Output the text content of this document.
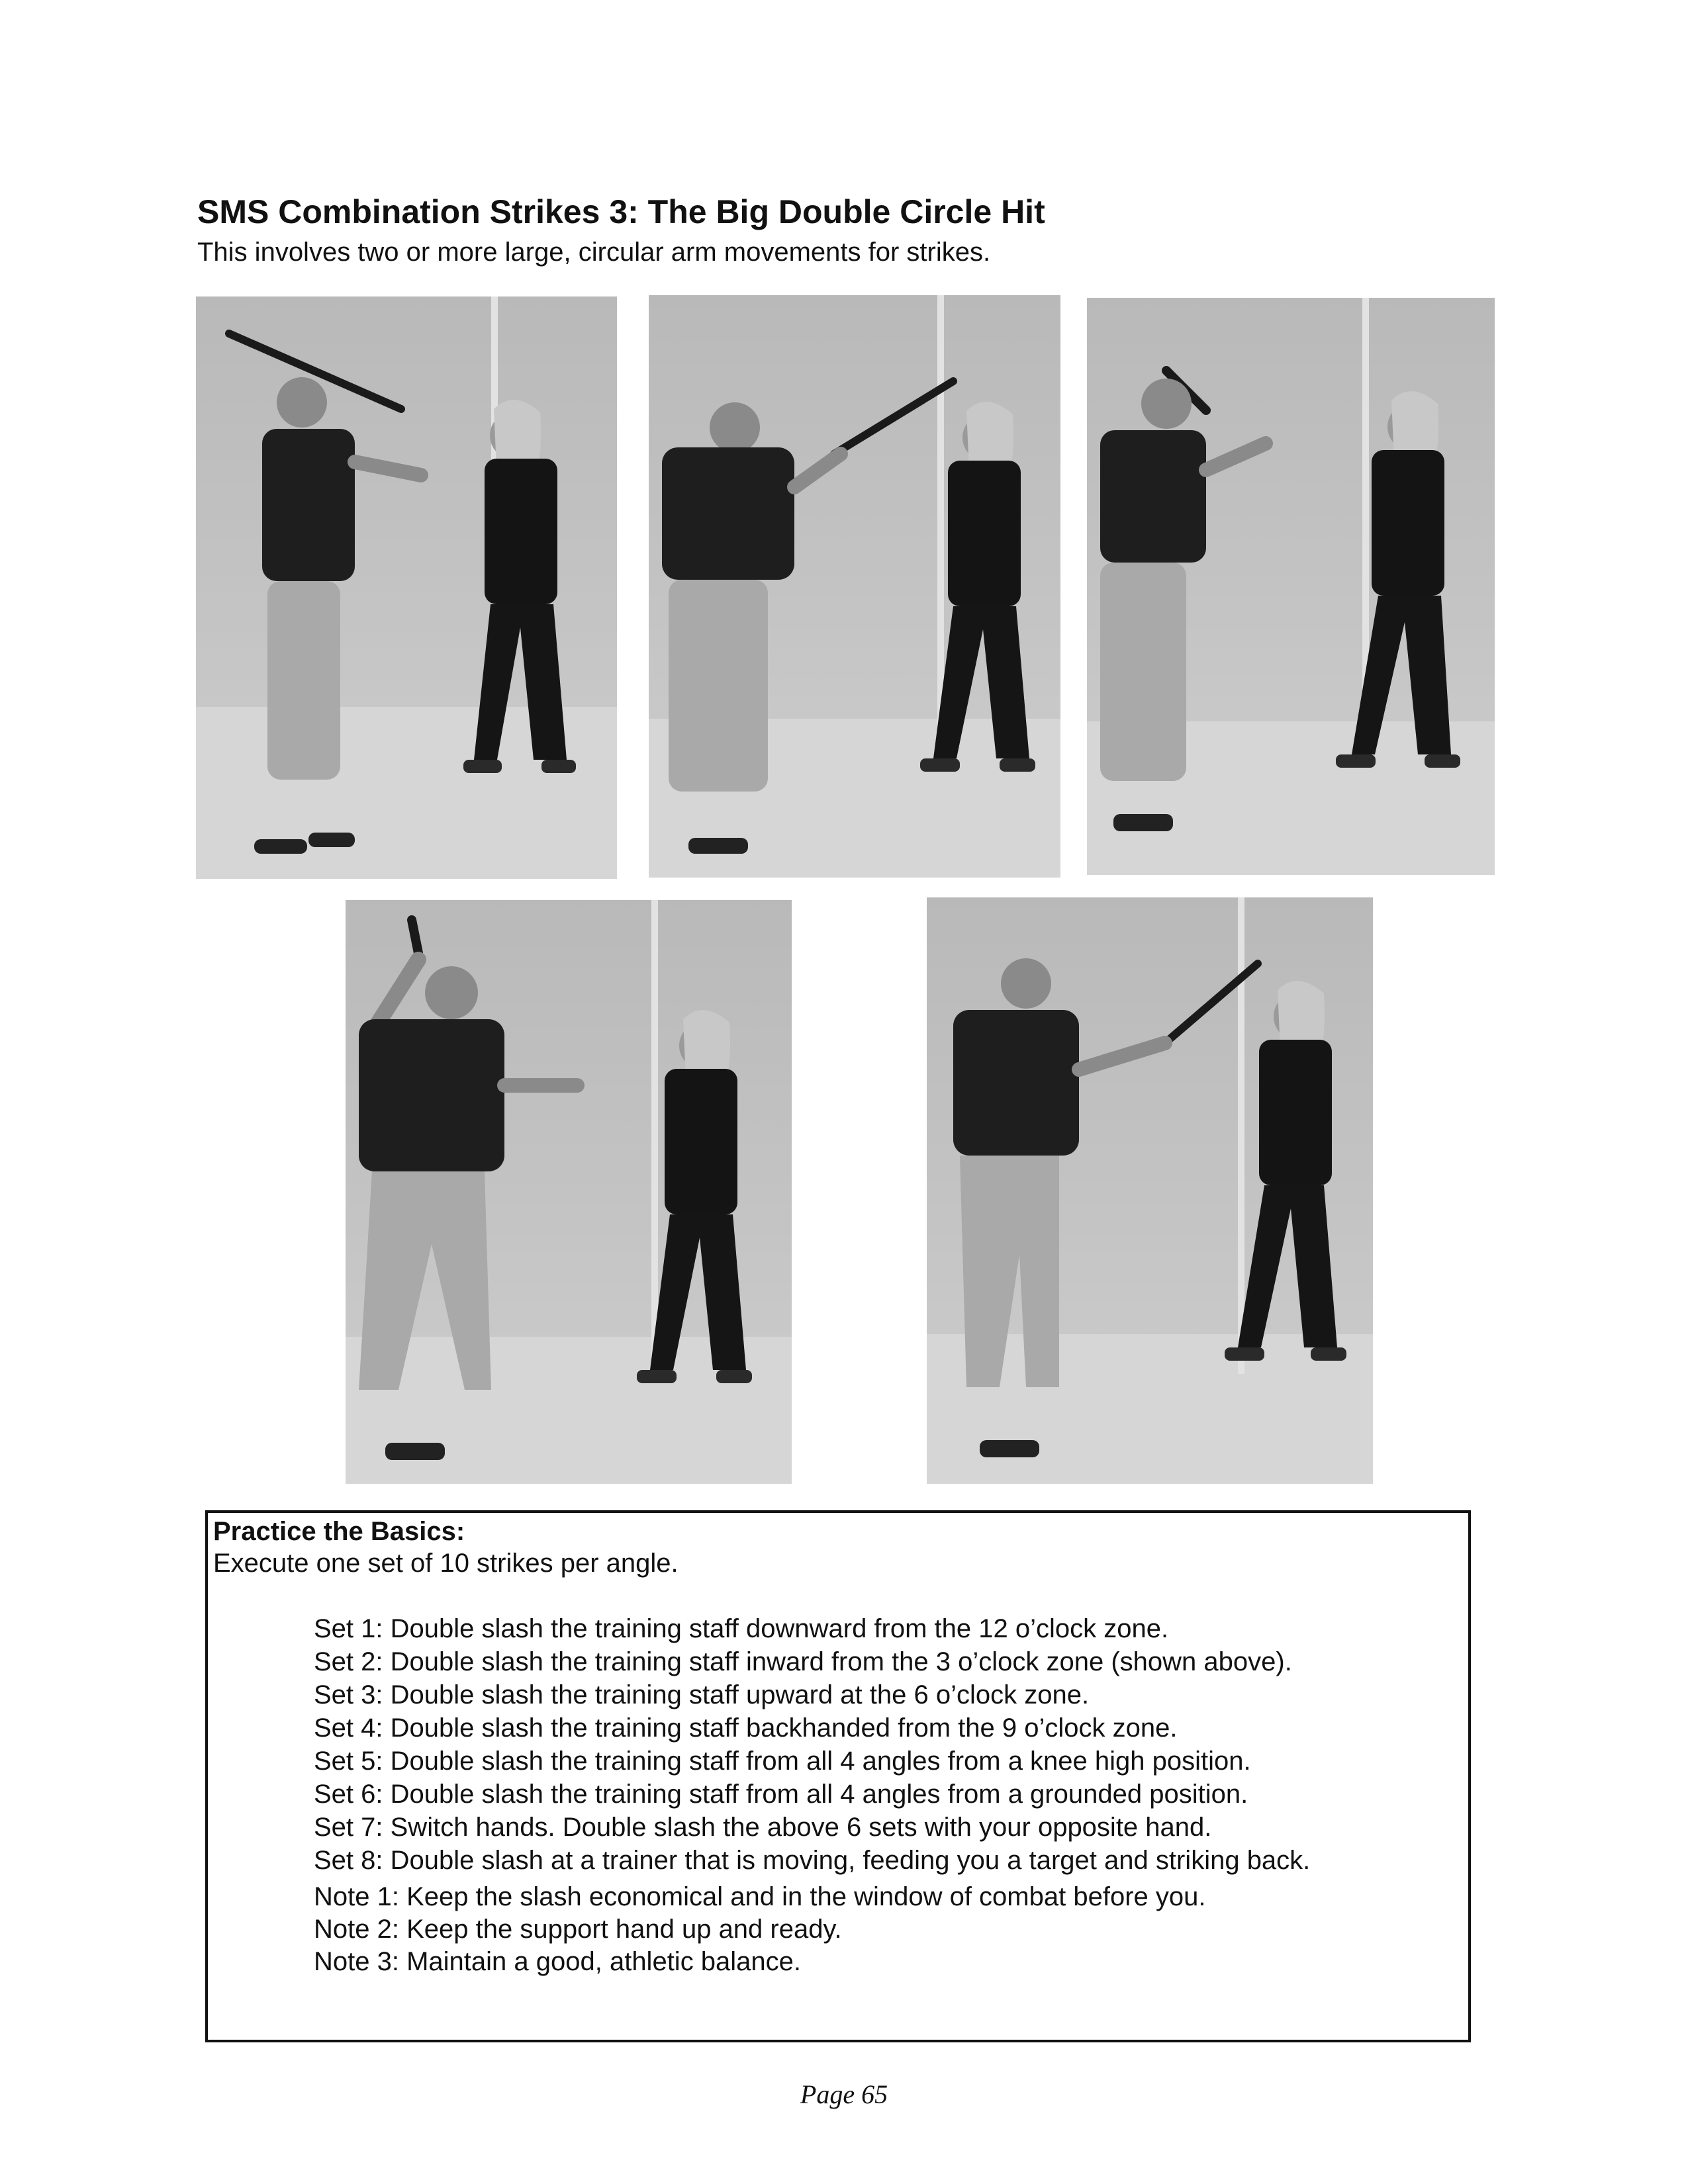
SMS Combination Strikes 3: The Big Double Circle Hit
This involves two or more large, circular arm movements for strikes.
Practice the Basics:
Execute one set of 10 strikes per angle.
Set 1: Double slash the training staff downward from the 12 o’clock zone.
Set 2: Double slash the training staff inward from the 3 o’clock zone (shown above).
Set 3: Double slash the training staff upward at the 6 o’clock zone.
Set 4: Double slash the training staff backhanded from the 9 o’clock zone.
Set 5: Double slash the training staff from all 4 angles from a knee high position.
Set 6: Double slash the training staff from all 4 angles from a grounded position.
Set 7: Switch hands. Double slash the above 6 sets with your opposite hand.
Set 8: Double slash at a trainer that is moving, feeding you a target and striking back.
Note 1: Keep the slash economical and in the window of combat before you.
Note 2: Keep the support hand up and ready.
Note 3: Maintain a good, athletic balance.
Page 65
